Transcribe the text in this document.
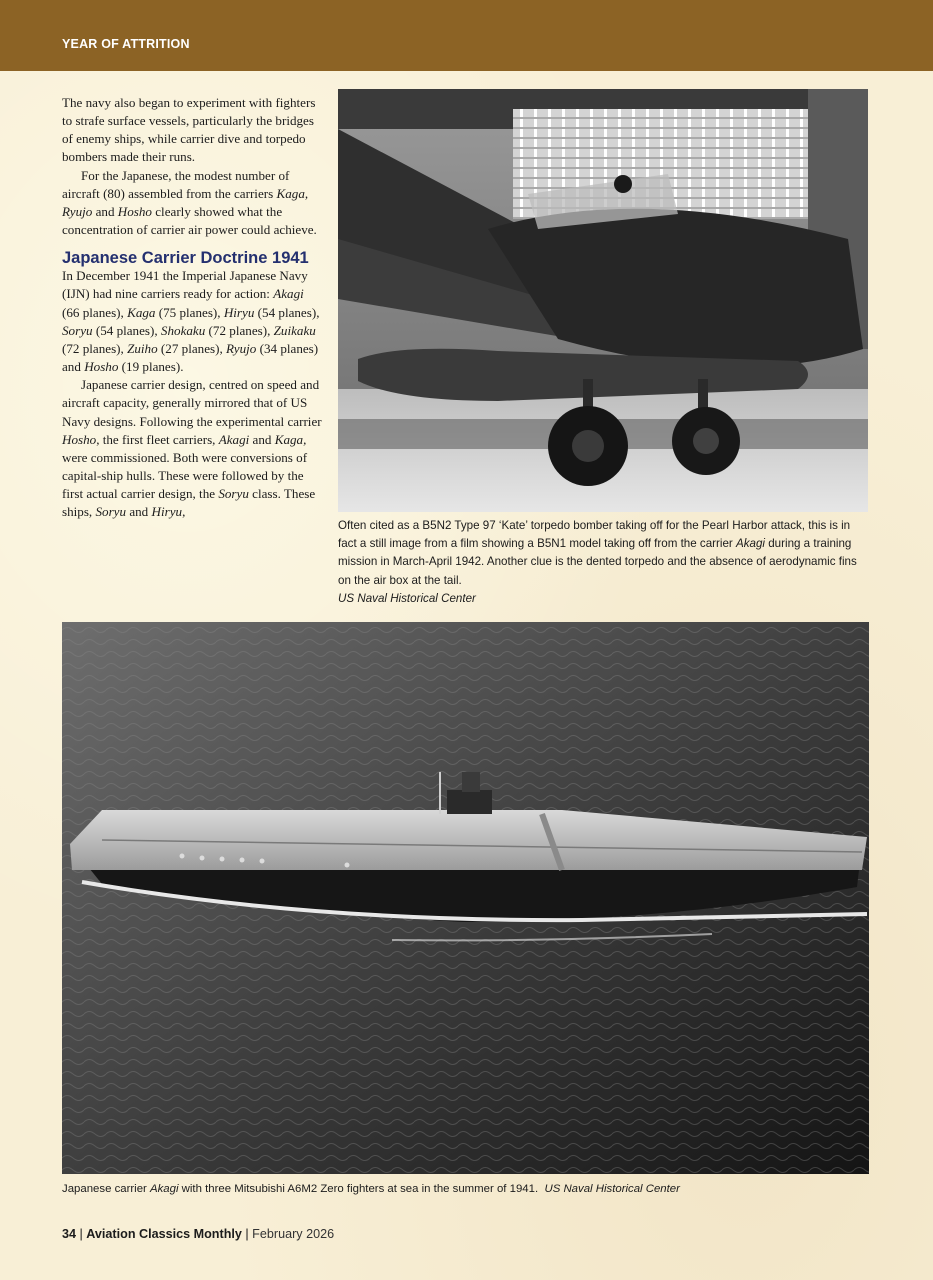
YEAR OF ATTRITION

The navy also began to experiment with fighters to strafe surface vessels, particularly the bridges of enemy ships, while carrier dive and torpedo bombers made their runs.

For the Japanese, the modest number of aircraft (80) assembled from the carriers Kaga, Ryujo and Hosho clearly showed what the concentration of carrier air power could achieve.

Japanese Carrier Doctrine 1941

In December 1941 the Imperial Japanese Navy (IJN) had nine carriers ready for action: Akagi (66 planes), Kaga (75 planes), Hiryu (54 planes), Soryu (54 planes), Shokaku (72 planes), Zuikaku (72 planes), Zuiho (27 planes), Ryujo (34 planes) and Hosho (19 planes).

Japanese carrier design, centred on speed and aircraft capacity, generally mirrored that of US Navy designs. Following the experimental carrier Hosho, the first fleet carriers, Akagi and Kaga, were commissioned. Both were conversions of capital-ship hulls. These were followed by the first actual carrier design, the Soryu class. These ships, Soryu and Hiryu,

Often cited as a B5N2 Type 97 ‘Kate’ torpedo bomber taking off for the Pearl Harbor attack, this is in fact a still image from a film showing a B5N1 model taking off from the carrier Akagi during a training mission in March-April 1942. Another clue is the dented torpedo and the absence of aerodynamic fins on the air box at the tail.
US Naval Historical Center
Japanese carrier Akagi with three Mitsubishi A6M2 Zero fighters at sea in the summer of 1941. US Naval Historical Center
34 | Aviation Classics Monthly | February 2026
